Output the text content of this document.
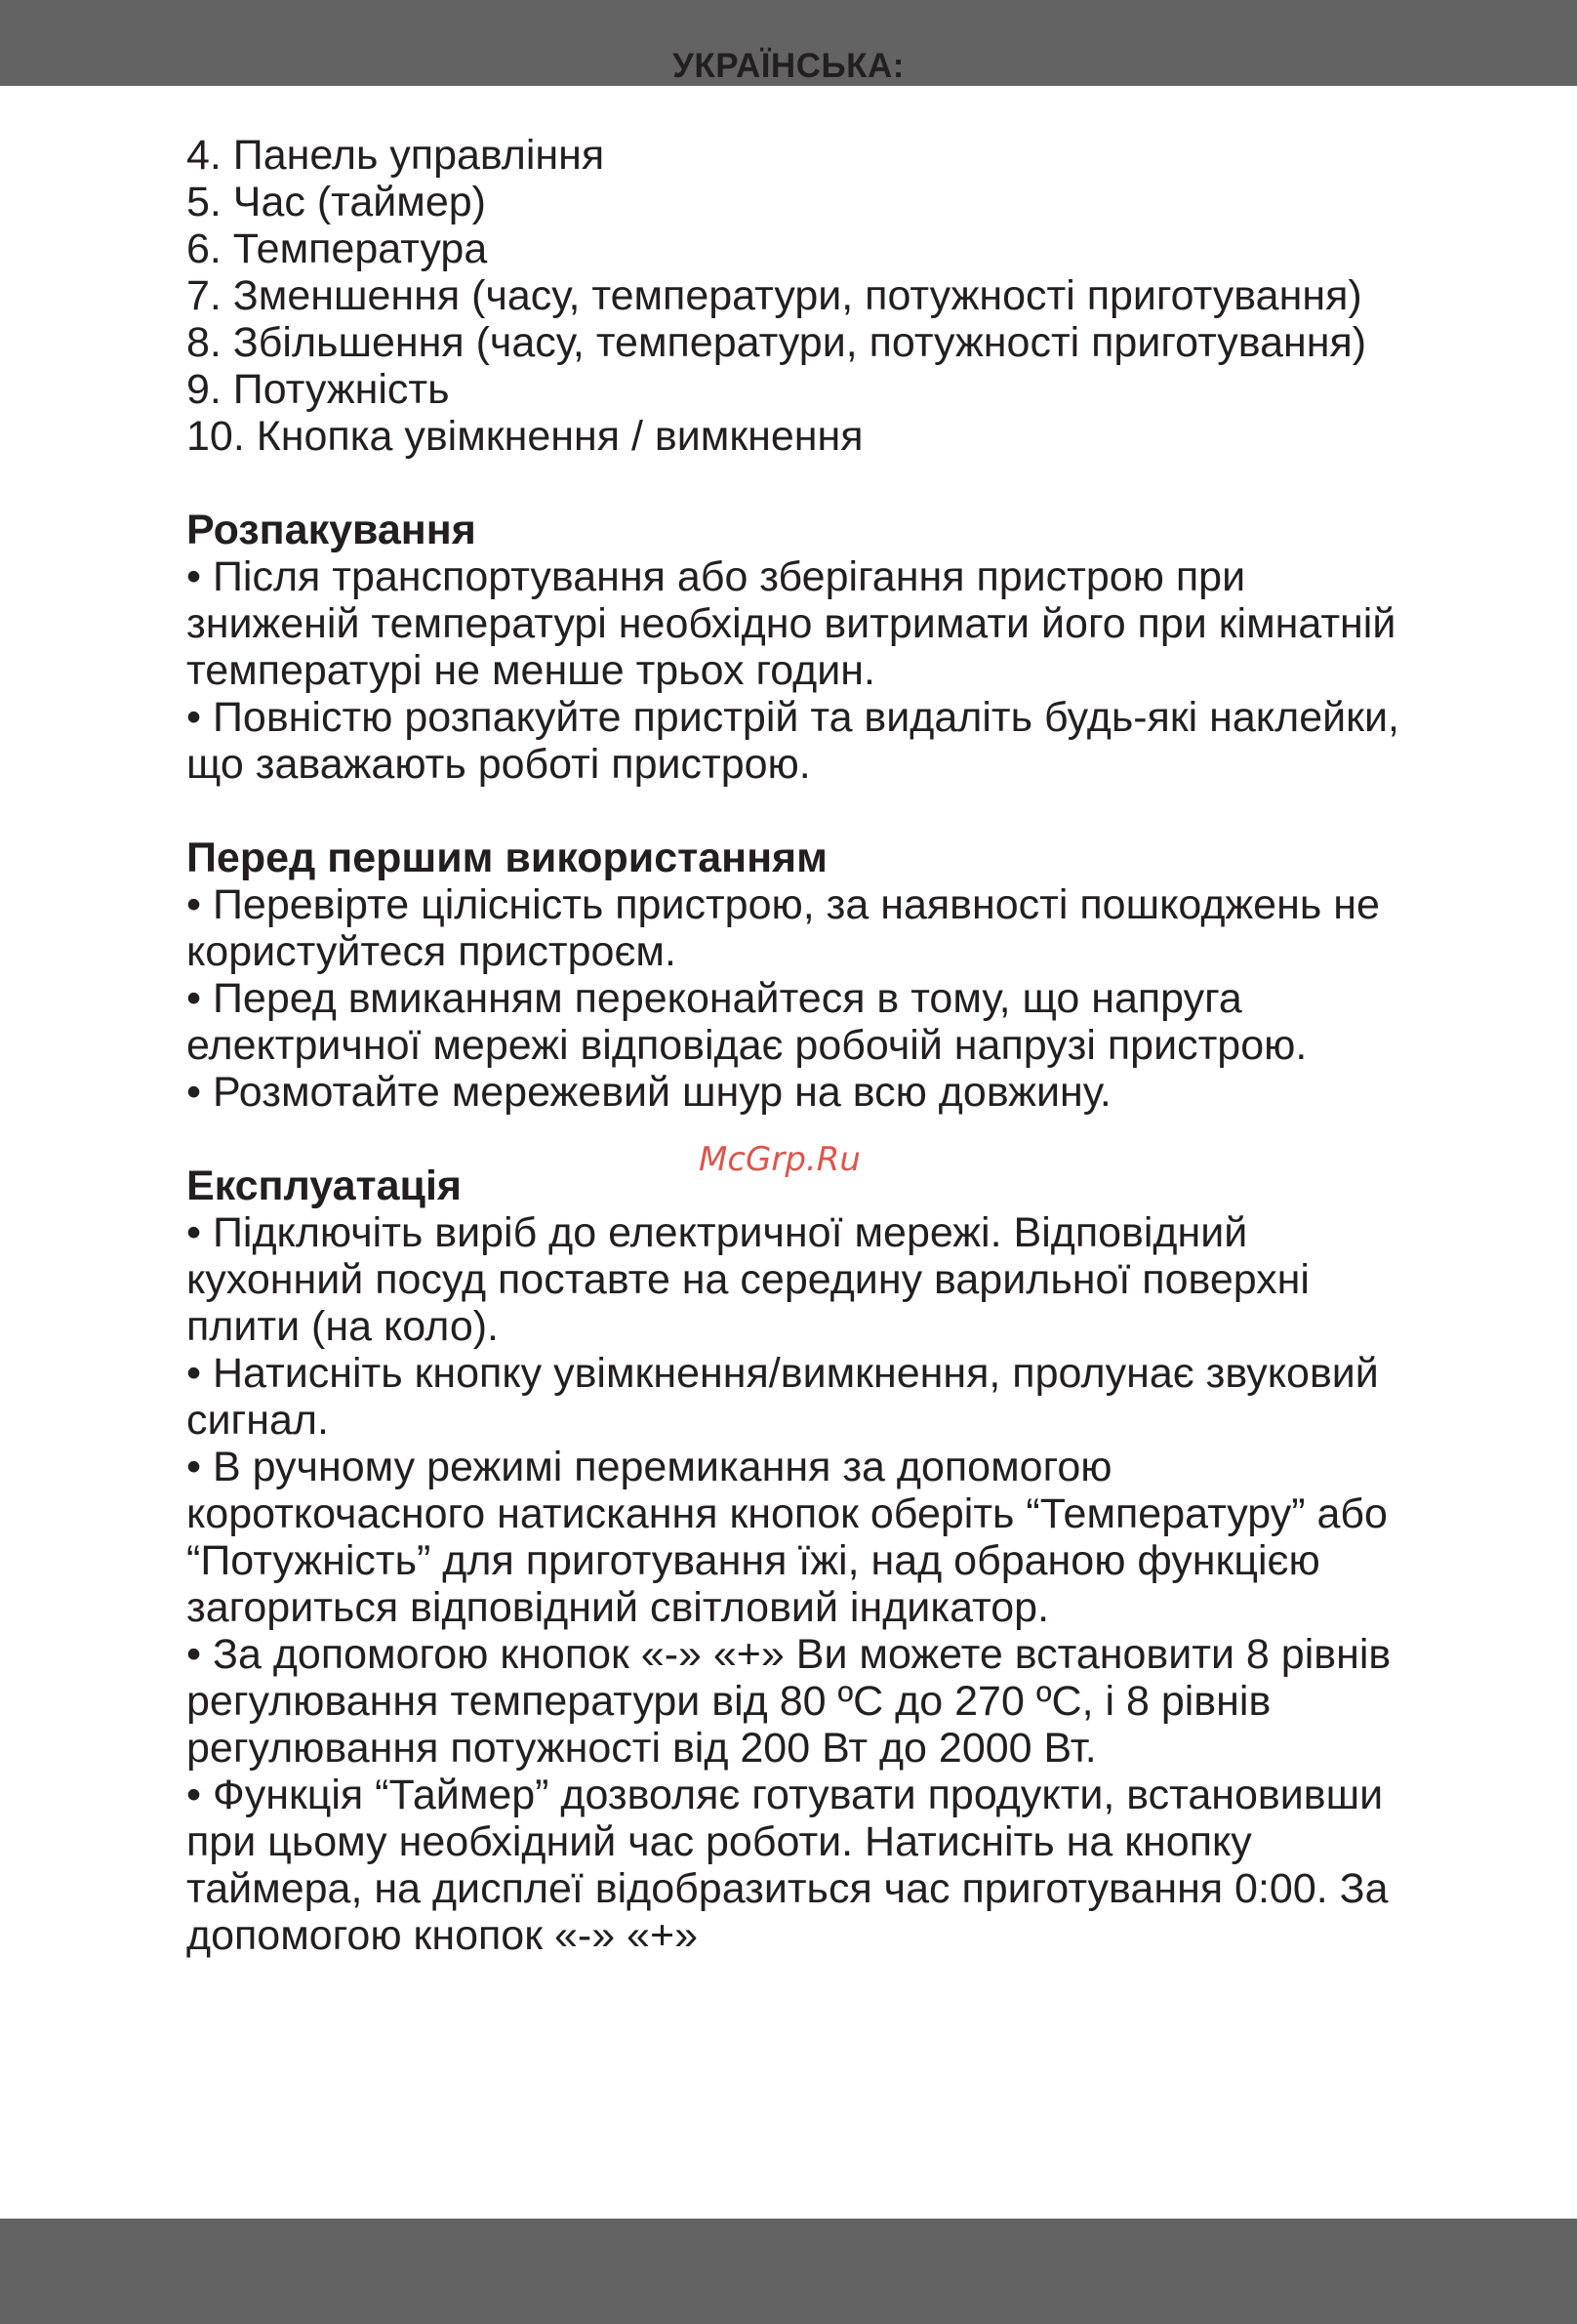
УКРАЇНСЬКА:

4. Панель управління

5. Час (таймер)

6. Температура

7. Зменшення (часу, температури, потужності приготування)

8. Збільшення (часу, температури, потужності приготування)

9. Потужність

10. Кнопка увімкнення / вимкнення

Розпакування

• Після транспортування або зберігання пристрою при зниженій температурі необхідно витримати його при кімнатній температурі не менше трьох годин.

• Повністю розпакуйте пристрій та видаліть будь-які наклейки, що заважають роботі пристрою.

Перед першим використанням

• Перевірте цілісність пристрою, за наявності пошкоджень не користуйтеся пристроєм.

• Перед вмиканням переконайтеся в тому, що напруга електричної мережі відповідає робочій напрузі пристрою.

• Розмотайте мережевий шнур на всю довжину.

Експлуатація

• Підключіть виріб до електричної мережі. Відповідний кухонний посуд поставте на середину варильної поверхні плити (на коло).

• Натисніть кнопку увімкнення/вимкнення, пролунає звуковий сигнал.

• В ручному режимі перемикання за допомогою короткочасного натискання кнопок оберіть “Температуру” або “Потужність” для приготування їжі, над обраною функцією загориться відповідний світловий індикатор.

• За допомогою кнопок «-» «+» Ви можете встановити 8 рівнів регулювання температури від 80 ºC до 270 ºC, і 8 рівнів регулювання потужності від 200 Вт до 2000 Вт.

• Функція “Таймер” дозволяє готувати продукти, встановивши при цьому необхідний час роботи. Натисніть на кнопку таймера, на дисплеї відобразиться час приготування 0:00. За допомогою кнопок «-» «+»

McGrp.Ru
